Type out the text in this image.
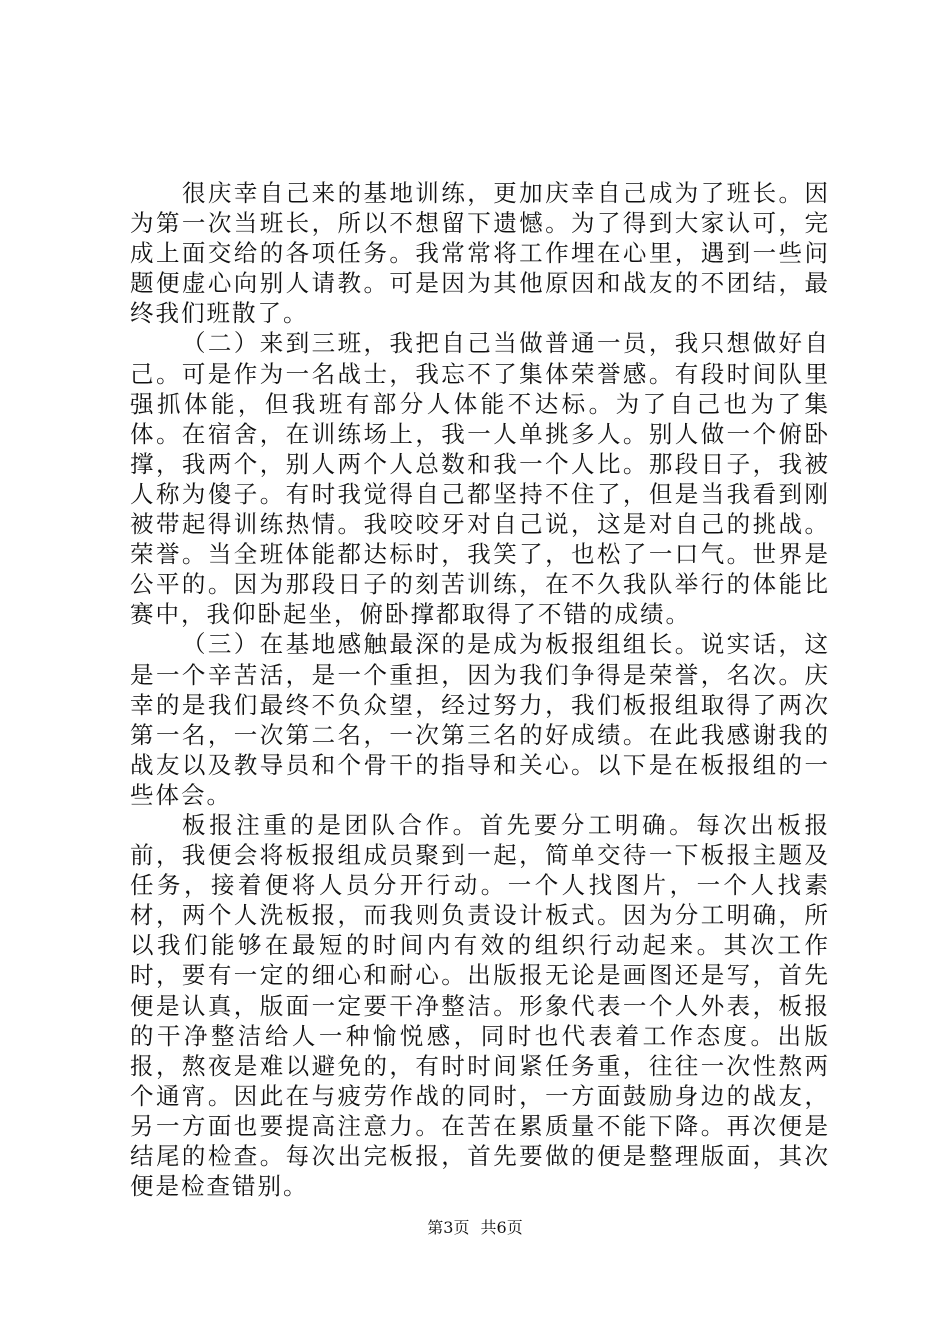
很庆幸自己来的基地训练，更加庆幸自己成为了班长。因为第一次当班长，所以不想留下遗憾。为了得到大家认可，完成上面交给的各项任务。我常常将工作埋在心里，遇到一些问题便虚心向别人请教。可是因为其他原因和战友的不团结，最终我们班散了。

（二）来到三班，我把自己当做普通一员，我只想做好自己。可是作为一名战士，我忘不了集体荣誉感。有段时间队里强抓体能，但我班有部分人体能不达标。为了自己也为了集体。在宿舍，在训练场上，我一人单挑多人。别人做一个俯卧撑，我两个，别人两个人总数和我一个人比。那段日子，我被人称为傻子。有时我觉得自己都坚持不住了，但是当我看到刚被带起得训练热情。我咬咬牙对自己说，这是对自己的挑战。荣誉。当全班体能都达标时，我笑了，也松了一口气。世界是公平的。因为那段日子的刻苦训练，在不久我队举行的体能比赛中，我仰卧起坐，俯卧撑都取得了不错的成绩。

（三）在基地感触最深的是成为板报组组长。说实话，这是一个辛苦活，是一个重担，因为我们争得是荣誉，名次。庆幸的是我们最终不负众望，经过努力，我们板报组取得了两次第一名，一次第二名，一次第三名的好成绩。在此我感谢我的战友以及教导员和个骨干的指导和关心。以下是在板报组的一些体会。

板报注重的是团队合作。首先要分工明确。每次出板报前，我便会将板报组成员聚到一起，简单交待一下板报主题及任务，接着便将人员分开行动。一个人找图片，一个人找素材，两个人洗板报，而我则负责设计板式。因为分工明确，所以我们能够在最短的时间内有效的组织行动起来。其次工作时，要有一定的细心和耐心。出版报无论是画图还是写，首先便是认真，版面一定要干净整洁。形象代表一个人外表，板报的干净整洁给人一种愉悦感，同时也代表着工作态度。出版报，熬夜是难以避免的，有时时间紧任务重，往往一次性熬两个通宵。因此在与疲劳作战的同时，一方面鼓励身边的战友，另一方面也要提高注意力。在苦在累质量不能下降。再次便是结尾的检查。每次出完板报，首先要做的便是整理版面，其次便是检查错别。

第3页 共6页
